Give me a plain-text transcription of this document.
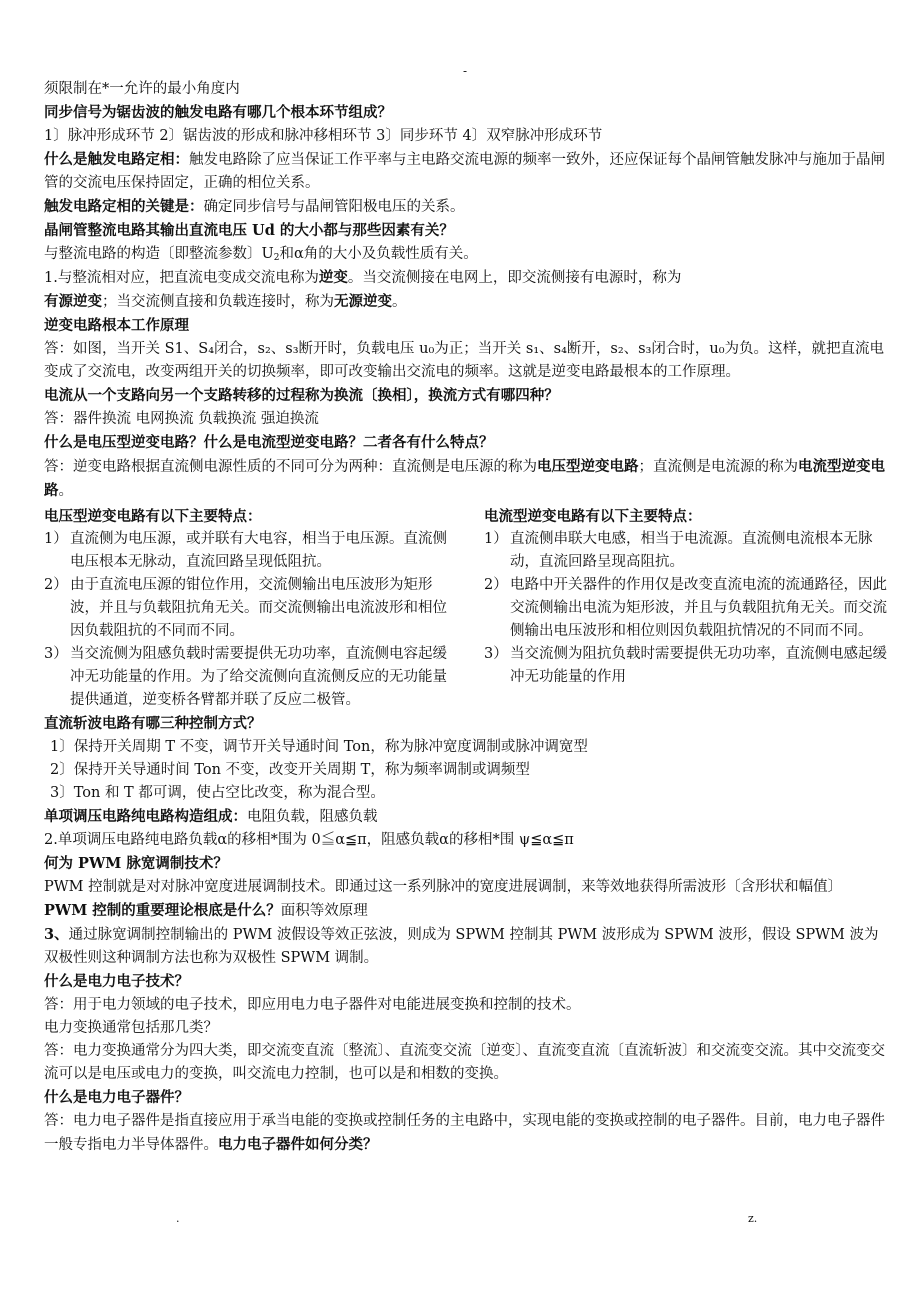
-
须限制在*一允许的最小角度内
同步信号为锯齿波的触发电路有哪几个根本环节组成？
1〕脉冲形成环节 2〕锯齿波的形成和脉冲移相环节 3〕同步环节 4〕双窄脉冲形成环节
什么是触发电路定相：触发电路除了应当保证工作平率与主电路交流电源的频率一致外，还应保证每个晶闸管触发脉冲与施加于晶闸管的交流电压保持固定，正确的相位关系。
触发电路定相的关键是：确定同步信号与晶闸管阳极电压的关系。
晶闸管整流电路其输出直流电压 Ud 的大小都与那些因素有关？
与整流电路的构造〔即整流参数〕$U_2$和α角的大小及负载性质有关。
1.与整流相对应，把直流电变成交流电称为逆变。当交流侧接在电网上，即交流侧接有电源时，称为
有源逆变；当交流侧直接和负载连接时，称为无源逆变。
逆变电路根本工作原理
答：如图，当开关 S1、S₄闭合，s₂、s₃断开时，负载电压 u₀为正；当开关 s₁、s₄断开，s₂、s₃闭合时，u₀为负。这样，就把直流电变成了交流电，改变两组开关的切换频率，即可改变输出交流电的频率。这就是逆变电路最根本的工作原理。
电流从一个支路向另一个支路转移的过程称为换流〔换相〕，换流方式有哪四种？
答：器件换流 电网换流 负载换流 强迫换流
什么是电压型逆变电路？什么是电流型逆变电路？二者各有什么特点？
答：逆变电路根据直流侧电源性质的不同可分为两种：直流侧是电压源的称为电压型逆变电路；直流侧是电流源的称为电流型逆变电路。
电压型逆变电路有以下主要特点：
1） 直流侧为电压源，或并联有大电容，相当于电压源。直流侧电压根本无脉动，直流回路呈现低阻抗。
2） 由于直流电压源的钳位作用，交流侧输出电压波形为矩形波，并且与负载阻抗角无关。而交流侧输出电流波形和相位因负载阻抗的不同而不同。
3） 当交流侧为阻感负载时需要提供无功功率，直流侧电容起缓冲无功能量的作用。为了给交流侧向直流侧反应的无功能量提供通道，逆变桥各臂都并联了反应二极管。
电流型逆变电路有以下主要特点：
1） 直流侧串联大电感，相当于电流源。直流侧电流根本无脉动，直流回路呈现高阻抗。
2） 电路中开关器件的作用仅是改变直流电流的流通路径，因此交流侧输出电流为矩形波，并且与负载阻抗角无关。而交流侧输出电压波形和相位则因负载阻抗情况的不同而不同。
3） 当交流侧为阻抗负载时需要提供无功功率，直流侧电感起缓冲无功能量的作用
直流斩波电路有哪三种控制方式？
1〕保持开关周期 T 不变，调节开关导通时间 Ton，称为脉冲宽度调制或脉冲调宽型
2〕保持开关导通时间 Ton 不变，改变开关周期 T，称为频率调制或调频型
3〕Ton 和 T 都可调，使占空比改变，称为混合型。
单项调压电路纯电路构造组成：电阻负载，阻感负载
2.单项调压电路纯电路负载α的移相*围为 0≦α≦π，阻感负载α的移相*围 ψ≦α≦π
何为 PWM 脉宽调制技术？
PWM 控制就是对对脉冲宽度进展调制技术。即通过这一系列脉冲的宽度进展调制，来等效地获得所需波形〔含形状和幅值〕
PWM 控制的重要理论根底是什么？面积等效原理
3、通过脉宽调制控制输出的 PWM 波假设等效正弦波，则成为 SPWM 控制其 PWM 波形成为 SPWM 波形，假设 SPWM 波为双极性则这种调制方法也称为双极性 SPWM 调制。
什么是电力电子技术？
答：用于电力领域的电子技术，即应用电力电子器件对电能进展变换和控制的技术。
电力变换通常包括那几类？
答：电力变换通常分为四大类，即交流变直流〔整流〕、直流变交流〔逆变〕、直流变直流〔直流斩波〕和交流变交流。其中交流变交流可以是电压或电力的变换，叫交流电力控制，也可以是和相数的变换。
什么是电力电子器件？
答：电力电子器件是指直接应用于承当电能的变换或控制任务的主电路中，实现电能的变换或控制的电子器件。目前，电力电子器件一般专指电力半导体器件。电力电子器件如何分类？
.	z.
